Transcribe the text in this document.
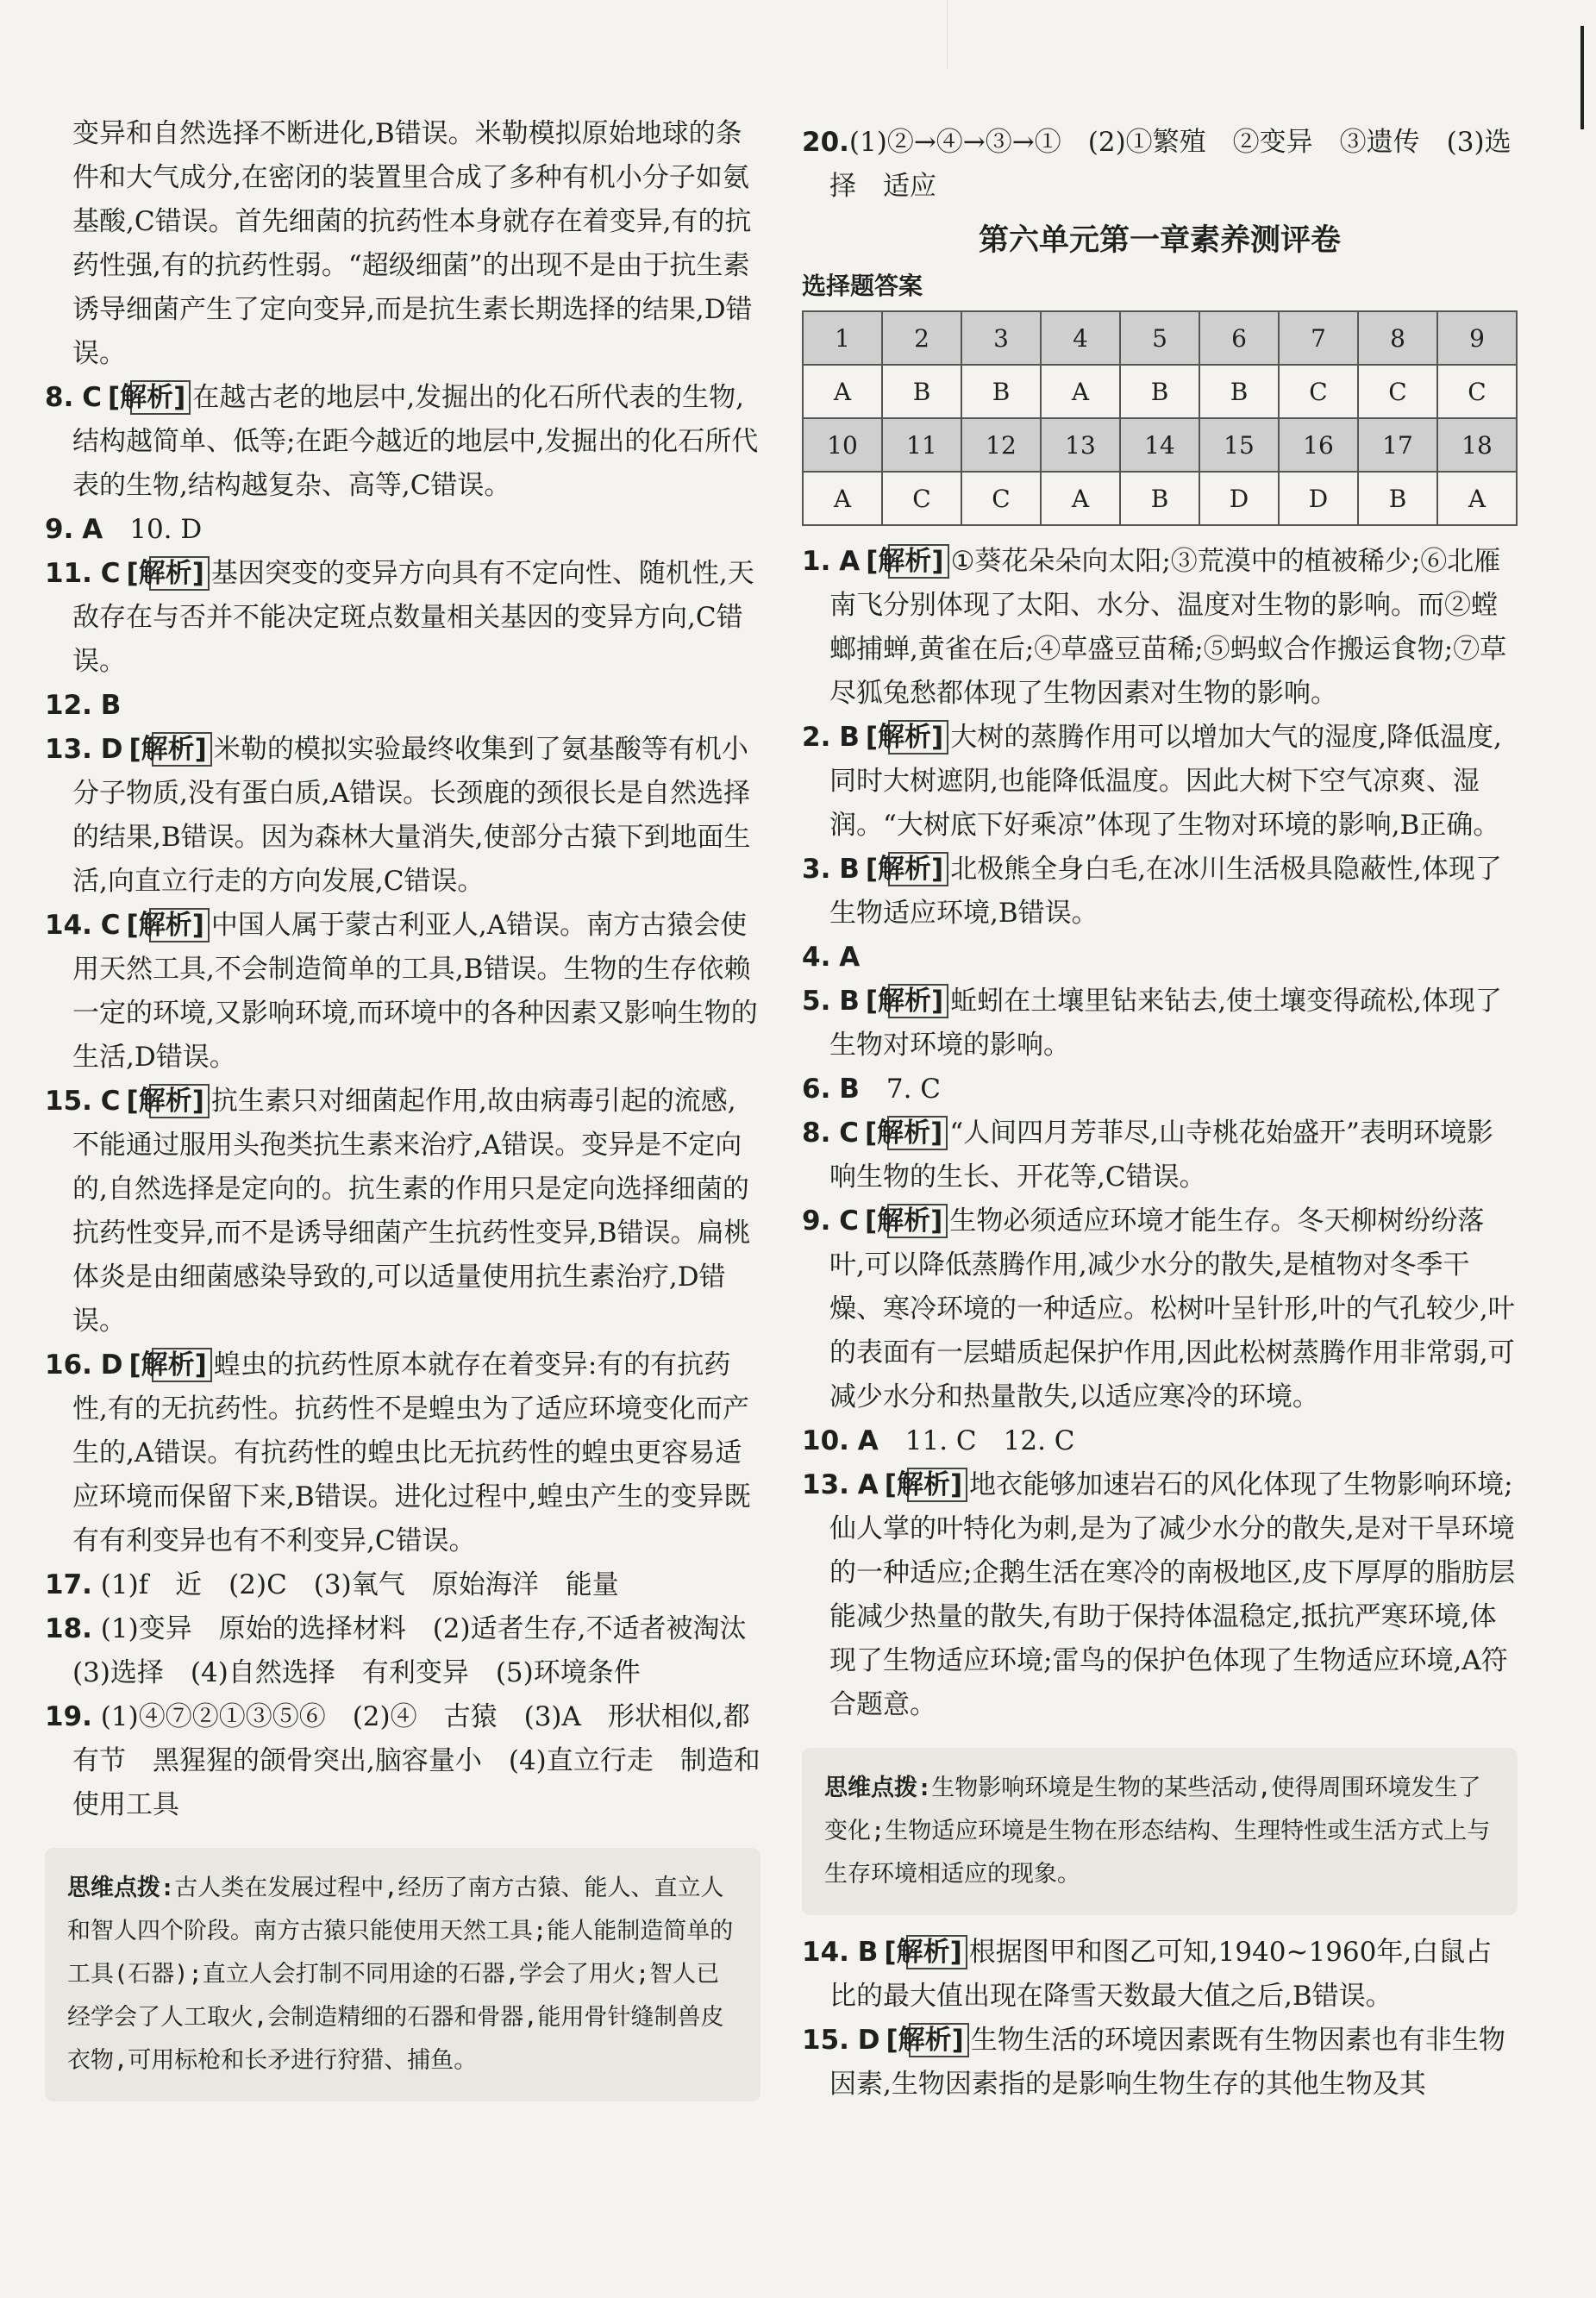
变异和自然选择不断进化,B错误。米勒模拟原始地球的条件和大气成分,在密闭的装置里合成了多种有机小分子如氨基酸,C错误。首先细菌的抗药性本身就存在着变异,有的抗药性强,有的抗药性弱。“超级细菌”的出现不是由于抗生素诱导细菌产生了定向变异,而是抗生素长期选择的结果,D错误。

8. C　 [解析] 在越古老的地层中,发掘出的化石所代表的生物,结构越简单、低等;在距今越近的地层中,发掘出的化石所代表的生物,结构越复杂、高等,C错误。

9. A　 10. D

11. C　 [解析] 基因突变的变异方向具有不定向性、随机性,天敌存在与否并不能决定斑点数量相关基因的变异方向,C错误。

12. B　

13. D　 [解析] 米勒的模拟实验最终收集到了氨基酸等有机小分子物质,没有蛋白质,A错误。长颈鹿的颈很长是自然选择的结果,B错误。因为森林大量消失,使部分古猿下到地面生活,向直立行走的方向发展,C错误。

14. C　 [解析] 中国人属于蒙古利亚人,A错误。南方古猿会使用天然工具,不会制造简单的工具,B错误。生物的生存依赖一定的环境,又影响环境,而环境中的各种因素又影响生物的生活,D错误。

15. C　 [解析] 抗生素只对细菌起作用,故由病毒引起的流感,不能通过服用头孢类抗生素来治疗,A错误。变异是不定向的,自然选择是定向的。抗生素的作用只是定向选择细菌的抗药性变异,而不是诱导细菌产生抗药性变异,B错误。扁桃体炎是由细菌感染导致的,可以适量使用抗生素治疗,D错误。

16. D　 [解析] 蝗虫的抗药性原本就存在着变异:有的有抗药性,有的无抗药性。抗药性不是蝗虫为了适应环境变化而产生的,A错误。有抗药性的蝗虫比无抗药性的蝗虫更容易适应环境而保留下来,B错误。进化过程中,蝗虫产生的变异既有有利变异也有不利变异,C错误。

17. (1)f　近　(2)C　(3)氧气　原始海洋　能量

18. (1)变异　原始的选择材料　(2)适者生存,不适者被淘汰　(3)选择　(4)自然选择　有利变异　(5)环境条件

19. (1)④⑦②①③⑤⑥　(2)④　古猿　(3)A　形状相似,都有节　黑猩猩的颌骨突出,脑容量小　(4)直立行走　制造和使用工具

思维点拨:古人类在发展过程中,经历了南方古猿、能人、直立人和智人四个阶段。南方古猿只能使用天然工具;能人能制造简单的工具(石器);直立人会打制不同用途的石器,学会了用火;智人已经学会了人工取火,会制造精细的石器和骨器,能用骨针缝制兽皮衣物,可用标枪和长矛进行狩猎、捕鱼。

20.(1)②→④→③→①　(2)①繁殖　②变异　③遗传　(3)选择　适应

第六单元第一章素养测评卷
选择题答案
1	2	3	4	5	6	7	8	9
A	B	B	A	B	B	C	C	C
10	11	12	13	14	15	16	17	18
A	C	C	A	B	D	D	B	A

1. A　 [解析] ①葵花朵朵向太阳;③荒漠中的植被稀少;⑥北雁南飞分别体现了太阳、水分、温度对生物的影响。而②螳螂捕蝉,黄雀在后;④草盛豆苗稀;⑤蚂蚁合作搬运食物;⑦草尽狐兔愁都体现了生物因素对生物的影响。

2. B　 [解析] 大树的蒸腾作用可以增加大气的湿度,降低温度,同时大树遮阴,也能降低温度。因此大树下空气凉爽、湿润。“大树底下好乘凉”体现了生物对环境的影响,B正确。

3. B　 [解析] 北极熊全身白毛,在冰川生活极具隐蔽性,体现了生物适应环境,B错误。

4. A　

5. B　 [解析] 蚯蚓在土壤里钻来钻去,使土壤变得疏松,体现了生物对环境的影响。

6. B　 7. C

8. C　 [解析] “人间四月芳菲尽,山寺桃花始盛开”表明环境影响生物的生长、开花等,C错误。

9. C　 [解析] 生物必须适应环境才能生存。冬天柳树纷纷落叶,可以降低蒸腾作用,减少水分的散失,是植物对冬季干燥、寒冷环境的一种适应。松树叶呈针形,叶的气孔较少,叶的表面有一层蜡质起保护作用,因此松树蒸腾作用非常弱,可减少水分和热量散失,以适应寒冷的环境。

10. A　 11. C　12. C

13. A　 [解析] 地衣能够加速岩石的风化体现了生物影响环境;仙人掌的叶特化为刺,是为了减少水分的散失,是对干旱环境的一种适应;企鹅生活在寒冷的南极地区,皮下厚厚的脂肪层能减少热量的散失,有助于保持体温稳定,抵抗严寒环境,体现了生物适应环境;雷鸟的保护色体现了生物适应环境,A符合题意。

思维点拨:生物影响环境是生物的某些活动,使得周围环境发生了变化;生物适应环境是生物在形态结构、生理特性或生活方式上与生存环境相适应的现象。

14. B　 [解析] 根据图甲和图乙可知,1940~1960年,白鼠占比的最大值出现在降雪天数最大值之后,B错误。

15. D　 [解析] 生物生活的环境因素既有生物因素也有非生物因素,生物因素指的是影响生物生存的其他生物及其
